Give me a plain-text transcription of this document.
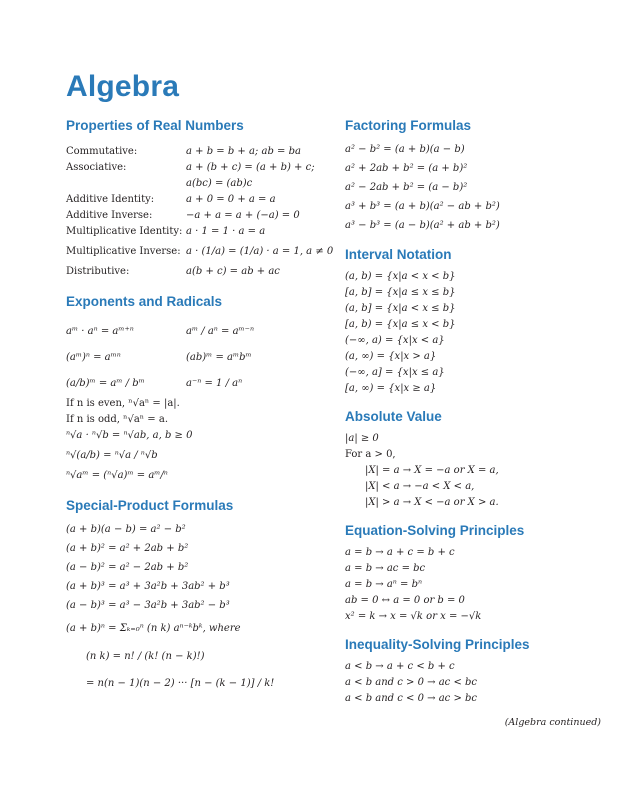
Algebra
Properties of Real Numbers
Commutative:	a + b = b + a; ab = ba
Associative:	a + (b + c) = (a + b) + c;
a(bc) = (ab)c
Additive Identity:	a + 0 = 0 + a = a
Additive Inverse:	−a + a = a + (−a) = 0
Multiplicative Identity: a · 1 = 1 · a = a
Multiplicative Inverse: a · (1/a) = (1/a) · a = 1, a ≠ 0
Distributive:	a(b + c) = ab + ac
Exponents and Radicals
aᵐ · aⁿ = aᵐ⁺ⁿ	aᵐ / aⁿ = aᵐ⁻ⁿ
(aᵐ)ⁿ = aᵐⁿ	(ab)ᵐ = aᵐbᵐ
(a/b)ᵐ = aᵐ / bᵐ	a⁻ⁿ = 1 / aⁿ
If n is even, ⁿ√aⁿ = |a|.
If n is odd, ⁿ√aⁿ = a.
ⁿ√a · ⁿ√b = ⁿ√ab, a, b ≥ 0
ⁿ√(a/b) = ⁿ√a / ⁿ√b
ⁿ√aᵐ = (ⁿ√a)ᵐ = aᵐ/ⁿ
Special-Product Formulas
(a + b)(a − b) = a² − b²
(a + b)² = a² + 2ab + b²
(a − b)² = a² − 2ab + b²
(a + b)³ = a³ + 3a²b + 3ab² + b³
(a − b)³ = a³ − 3a²b + 3ab² − b³
(a + b)ⁿ = Σₖ₌₀ⁿ (n k) aⁿ⁻ᵏbᵏ, where
(n k) = n! / (k! (n − k)!)
= n(n − 1)(n − 2) ··· [n − (k − 1)] / k!
Factoring Formulas
a² − b² = (a + b)(a − b)
a² + 2ab + b² = (a + b)²
a² − 2ab + b² = (a − b)²
a³ + b³ = (a + b)(a² − ab + b²)
a³ − b³ = (a − b)(a² + ab + b²)
Interval Notation
(a, b) = {x|a < x < b}
[a, b] = {x|a ≤ x ≤ b}
(a, b] = {x|a < x ≤ b}
[a, b) = {x|a ≤ x < b}
(−∞, a) = {x|x < a}
(a, ∞) = {x|x > a}
(−∞, a] = {x|x ≤ a}
[a, ∞) = {x|x ≥ a}
Absolute Value
|a| ≥ 0
For a > 0,
|X| = a → X = −a or X = a,
|X| < a → −a < X < a,
|X| > a → X < −a or X > a.
Equation-Solving Principles
a = b → a + c = b + c
a = b → ac = bc
a = b → aⁿ = bⁿ
ab = 0 ↔ a = 0 or b = 0
x² = k → x = √k or x = −√k
Inequality-Solving Principles
a < b → a + c < b + c
a < b and c > 0 → ac < bc
a < b and c < 0 → ac > bc
(Algebra continued)
